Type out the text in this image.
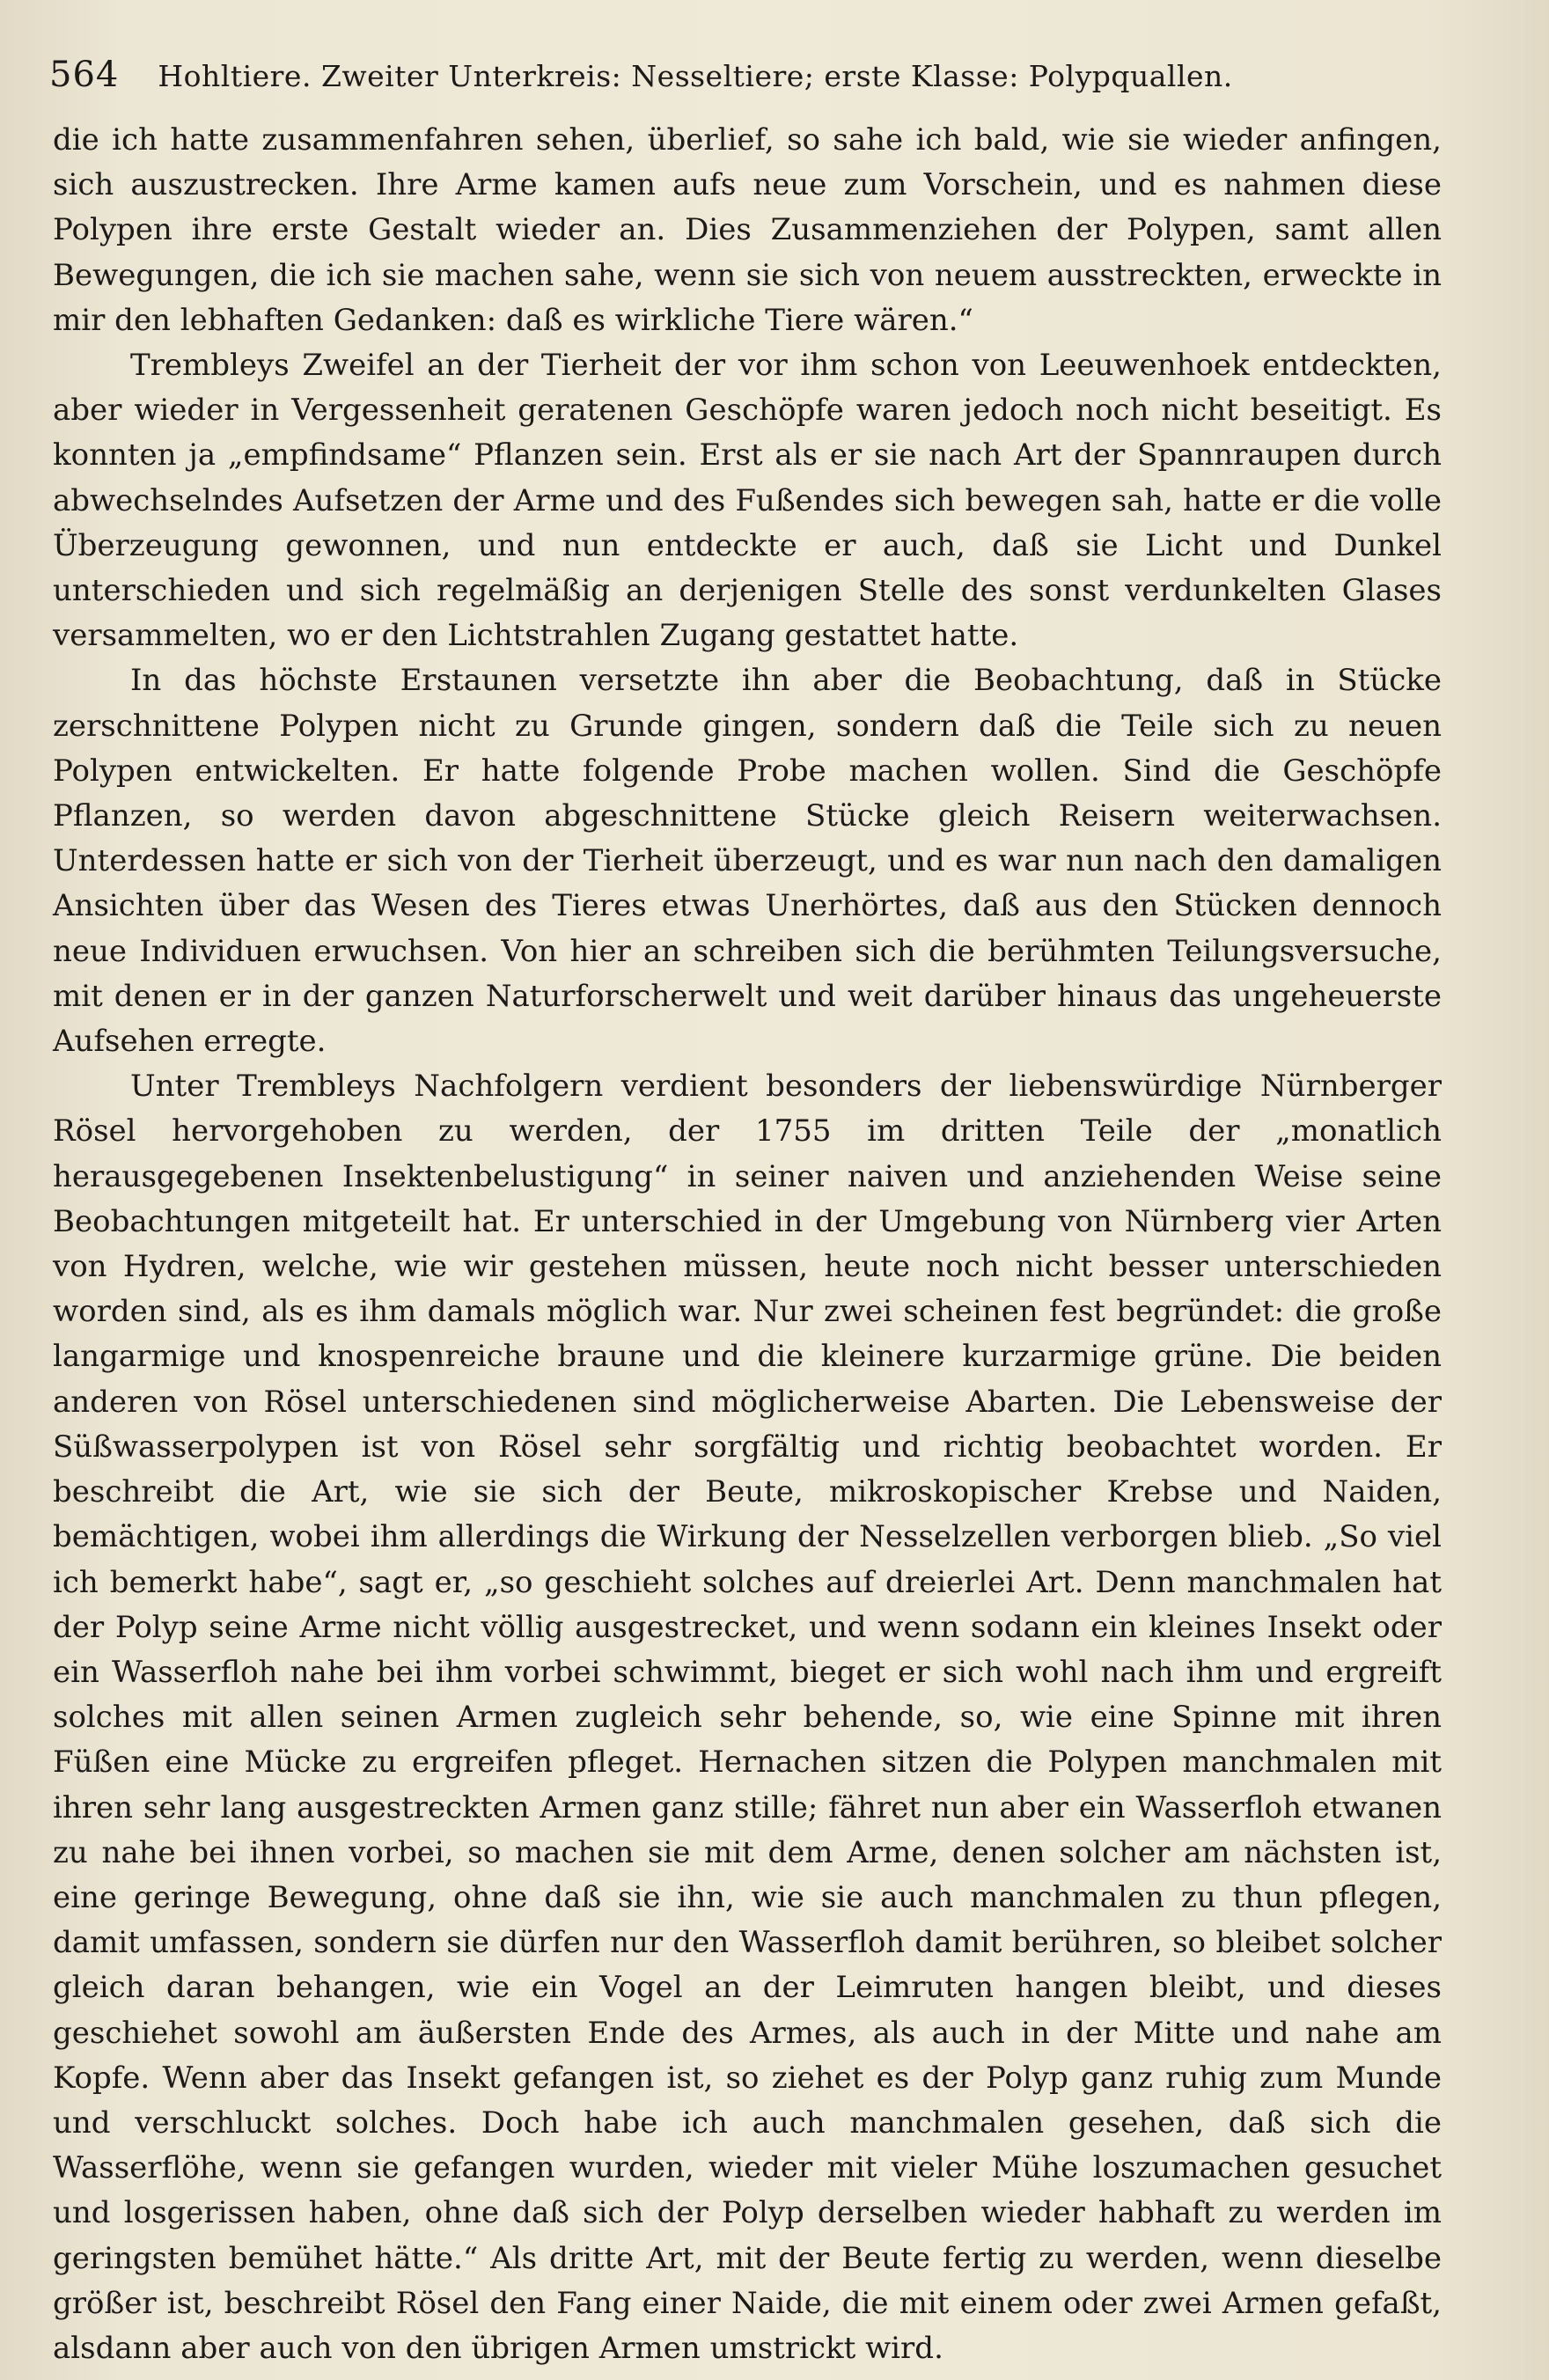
564 Hohltiere. Zweiter Unterkreis: Nesseltiere; erste Klasse: Polypquallen.

die ich hatte zusammenfahren sehen, überlief, so sahe ich bald, wie sie wieder anfingen, sich auszustrecken. Ihre Arme kamen aufs neue zum Vorschein, und es nahmen diese Polypen ihre erste Gestalt wieder an. Dies Zusammenziehen der Polypen, samt allen Bewegungen, die ich sie machen sahe, wenn sie sich von neuem ausstreckten, erweckte in mir den lebhaften Gedanken: daß es wirkliche Tiere wären.“

Trembleys Zweifel an der Tierheit der vor ihm schon von Leeuwenhoek entdeckten, aber wieder in Vergessenheit geratenen Geschöpfe waren jedoch noch nicht beseitigt. Es konnten ja „empfindsame“ Pflanzen sein. Erst als er sie nach Art der Spannraupen durch abwechselndes Aufsetzen der Arme und des Fußendes sich bewegen sah, hatte er die volle Überzeugung gewonnen, und nun entdeckte er auch, daß sie Licht und Dunkel unterschieden und sich regelmäßig an derjenigen Stelle des sonst verdunkelten Glases versammelten, wo er den Lichtstrahlen Zugang gestattet hatte.

In das höchste Erstaunen versetzte ihn aber die Beobachtung, daß in Stücke zerschnittene Polypen nicht zu Grunde gingen, sondern daß die Teile sich zu neuen Polypen entwickelten. Er hatte folgende Probe machen wollen. Sind die Geschöpfe Pflanzen, so werden davon abgeschnittene Stücke gleich Reisern weiterwachsen. Unterdessen hatte er sich von der Tierheit überzeugt, und es war nun nach den damaligen Ansichten über das Wesen des Tieres etwas Unerhörtes, daß aus den Stücken dennoch neue Individuen erwuchsen. Von hier an schreiben sich die berühmten Teilungsversuche, mit denen er in der ganzen Naturforscherwelt und weit darüber hinaus das ungeheuerste Aufsehen erregte.

Unter Trembleys Nachfolgern verdient besonders der liebenswürdige Nürnberger Rösel hervorgehoben zu werden, der 1755 im dritten Teile der „monatlich herausgegebenen Insektenbelustigung“ in seiner naiven und anziehenden Weise seine Beobachtungen mitgeteilt hat. Er unterschied in der Umgebung von Nürnberg vier Arten von Hydren, welche, wie wir gestehen müssen, heute noch nicht besser unterschieden worden sind, als es ihm damals möglich war. Nur zwei scheinen fest begründet: die große langarmige und knospenreiche braune und die kleinere kurzarmige grüne. Die beiden anderen von Rösel unterschiedenen sind möglicherweise Abarten. Die Lebensweise der Süßwasserpolypen ist von Rösel sehr sorgfältig und richtig beobachtet worden. Er beschreibt die Art, wie sie sich der Beute, mikroskopischer Krebse und Naiden, bemächtigen, wobei ihm allerdings die Wirkung der Nesselzellen verborgen blieb. „So viel ich bemerkt habe“, sagt er, „so geschieht solches auf dreierlei Art. Denn manchmalen hat der Polyp seine Arme nicht völlig ausgestrecket, und wenn sodann ein kleines Insekt oder ein Wasserfloh nahe bei ihm vorbei schwimmt, bieget er sich wohl nach ihm und ergreift solches mit allen seinen Armen zugleich sehr behende, so, wie eine Spinne mit ihren Füßen eine Mücke zu ergreifen pfleget. Hernachen sitzen die Polypen manchmalen mit ihren sehr lang ausgestreckten Armen ganz stille; fähret nun aber ein Wasserfloh etwanen zu nahe bei ihnen vorbei, so machen sie mit dem Arme, denen solcher am nächsten ist, eine geringe Bewegung, ohne daß sie ihn, wie sie auch manchmalen zu thun pflegen, damit umfassen, sondern sie dürfen nur den Wasserfloh damit berühren, so bleibet solcher gleich daran behangen, wie ein Vogel an der Leimruten hangen bleibt, und dieses geschiehet sowohl am äußersten Ende des Armes, als auch in der Mitte und nahe am Kopfe. Wenn aber das Insekt gefangen ist, so ziehet es der Polyp ganz ruhig zum Munde und verschluckt solches. Doch habe ich auch manchmalen gesehen, daß sich die Wasserflöhe, wenn sie gefangen wurden, wieder mit vieler Mühe loszumachen gesuchet und losgerissen haben, ohne daß sich der Polyp derselben wieder habhaft zu werden im geringsten bemühet hätte.“ Als dritte Art, mit der Beute fertig zu werden, wenn dieselbe größer ist, beschreibt Rösel den Fang einer Naide, die mit einem oder zwei Armen gefaßt, alsdann aber auch von den übrigen Armen umstrickt wird.
